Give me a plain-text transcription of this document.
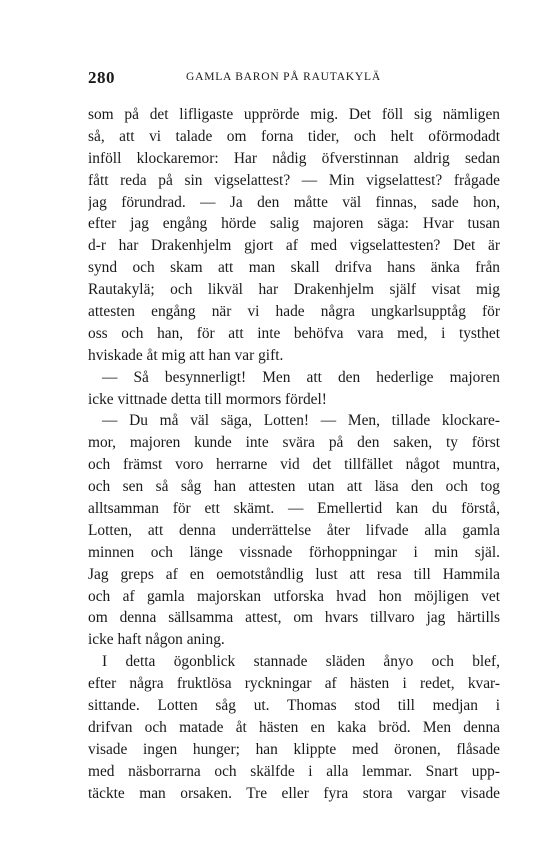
280	GAMLA BARON PÅ RAUTAKYLÄ
som på det lifligaste upprörde mig. Det föll sig nämligen
så, att vi talade om forna tider, och helt oförmodadt
inföll klockaremor: Har nådig öfverstinnan aldrig sedan
fått reda på sin vigselattest? — Min vigselattest? frågade
jag förundrad. — Ja den måtte väl finnas, sade hon,
efter jag engång hörde salig majoren säga: Hvar tusan
d-r har Drakenhjelm gjort af med vigselattesten? Det är
synd och skam att man skall drifva hans änka från
Rautakylä; och likväl har Drakenhjelm själf visat mig
attesten engång när vi hade några ungkarlsupptåg för
oss och han, för att inte behöfva vara med, i tysthet
hviskade åt mig att han var gift.
— Så besynnerligt! Men att den hederlige majoren
icke vittnade detta till mormors fördel!
— Du må väl säga, Lotten! — Men, tillade klockare-
mor, majoren kunde inte svära på den saken, ty först
och främst voro herrarne vid det tillfället något muntra,
och sen så såg han attesten utan att läsa den och tog
alltsamman för ett skämt. — Emellertid kan du förstå,
Lotten, att denna underrättelse åter lifvade alla gamla
minnen och länge vissnade förhoppningar i min själ.
Jag greps af en oemotståndlig lust att resa till Hammila
och af gamla majorskan utforska hvad hon möjligen vet
om denna sällsamma attest, om hvars tillvaro jag härtills
icke haft någon aning.
I detta ögonblick stannade släden ånyo och blef,
efter några fruktlösa ryckningar af hästen i redet, kvar-
sittande. Lotten såg ut. Thomas stod till medjan i
drifvan och matade åt hästen en kaka bröd. Men denna
visade ingen hunger; han klippte med öronen, flåsade
med näsborrarna och skälfde i alla lemmar. Snart upp-
täckte man orsaken. Tre eller fyra stora vargar visade
